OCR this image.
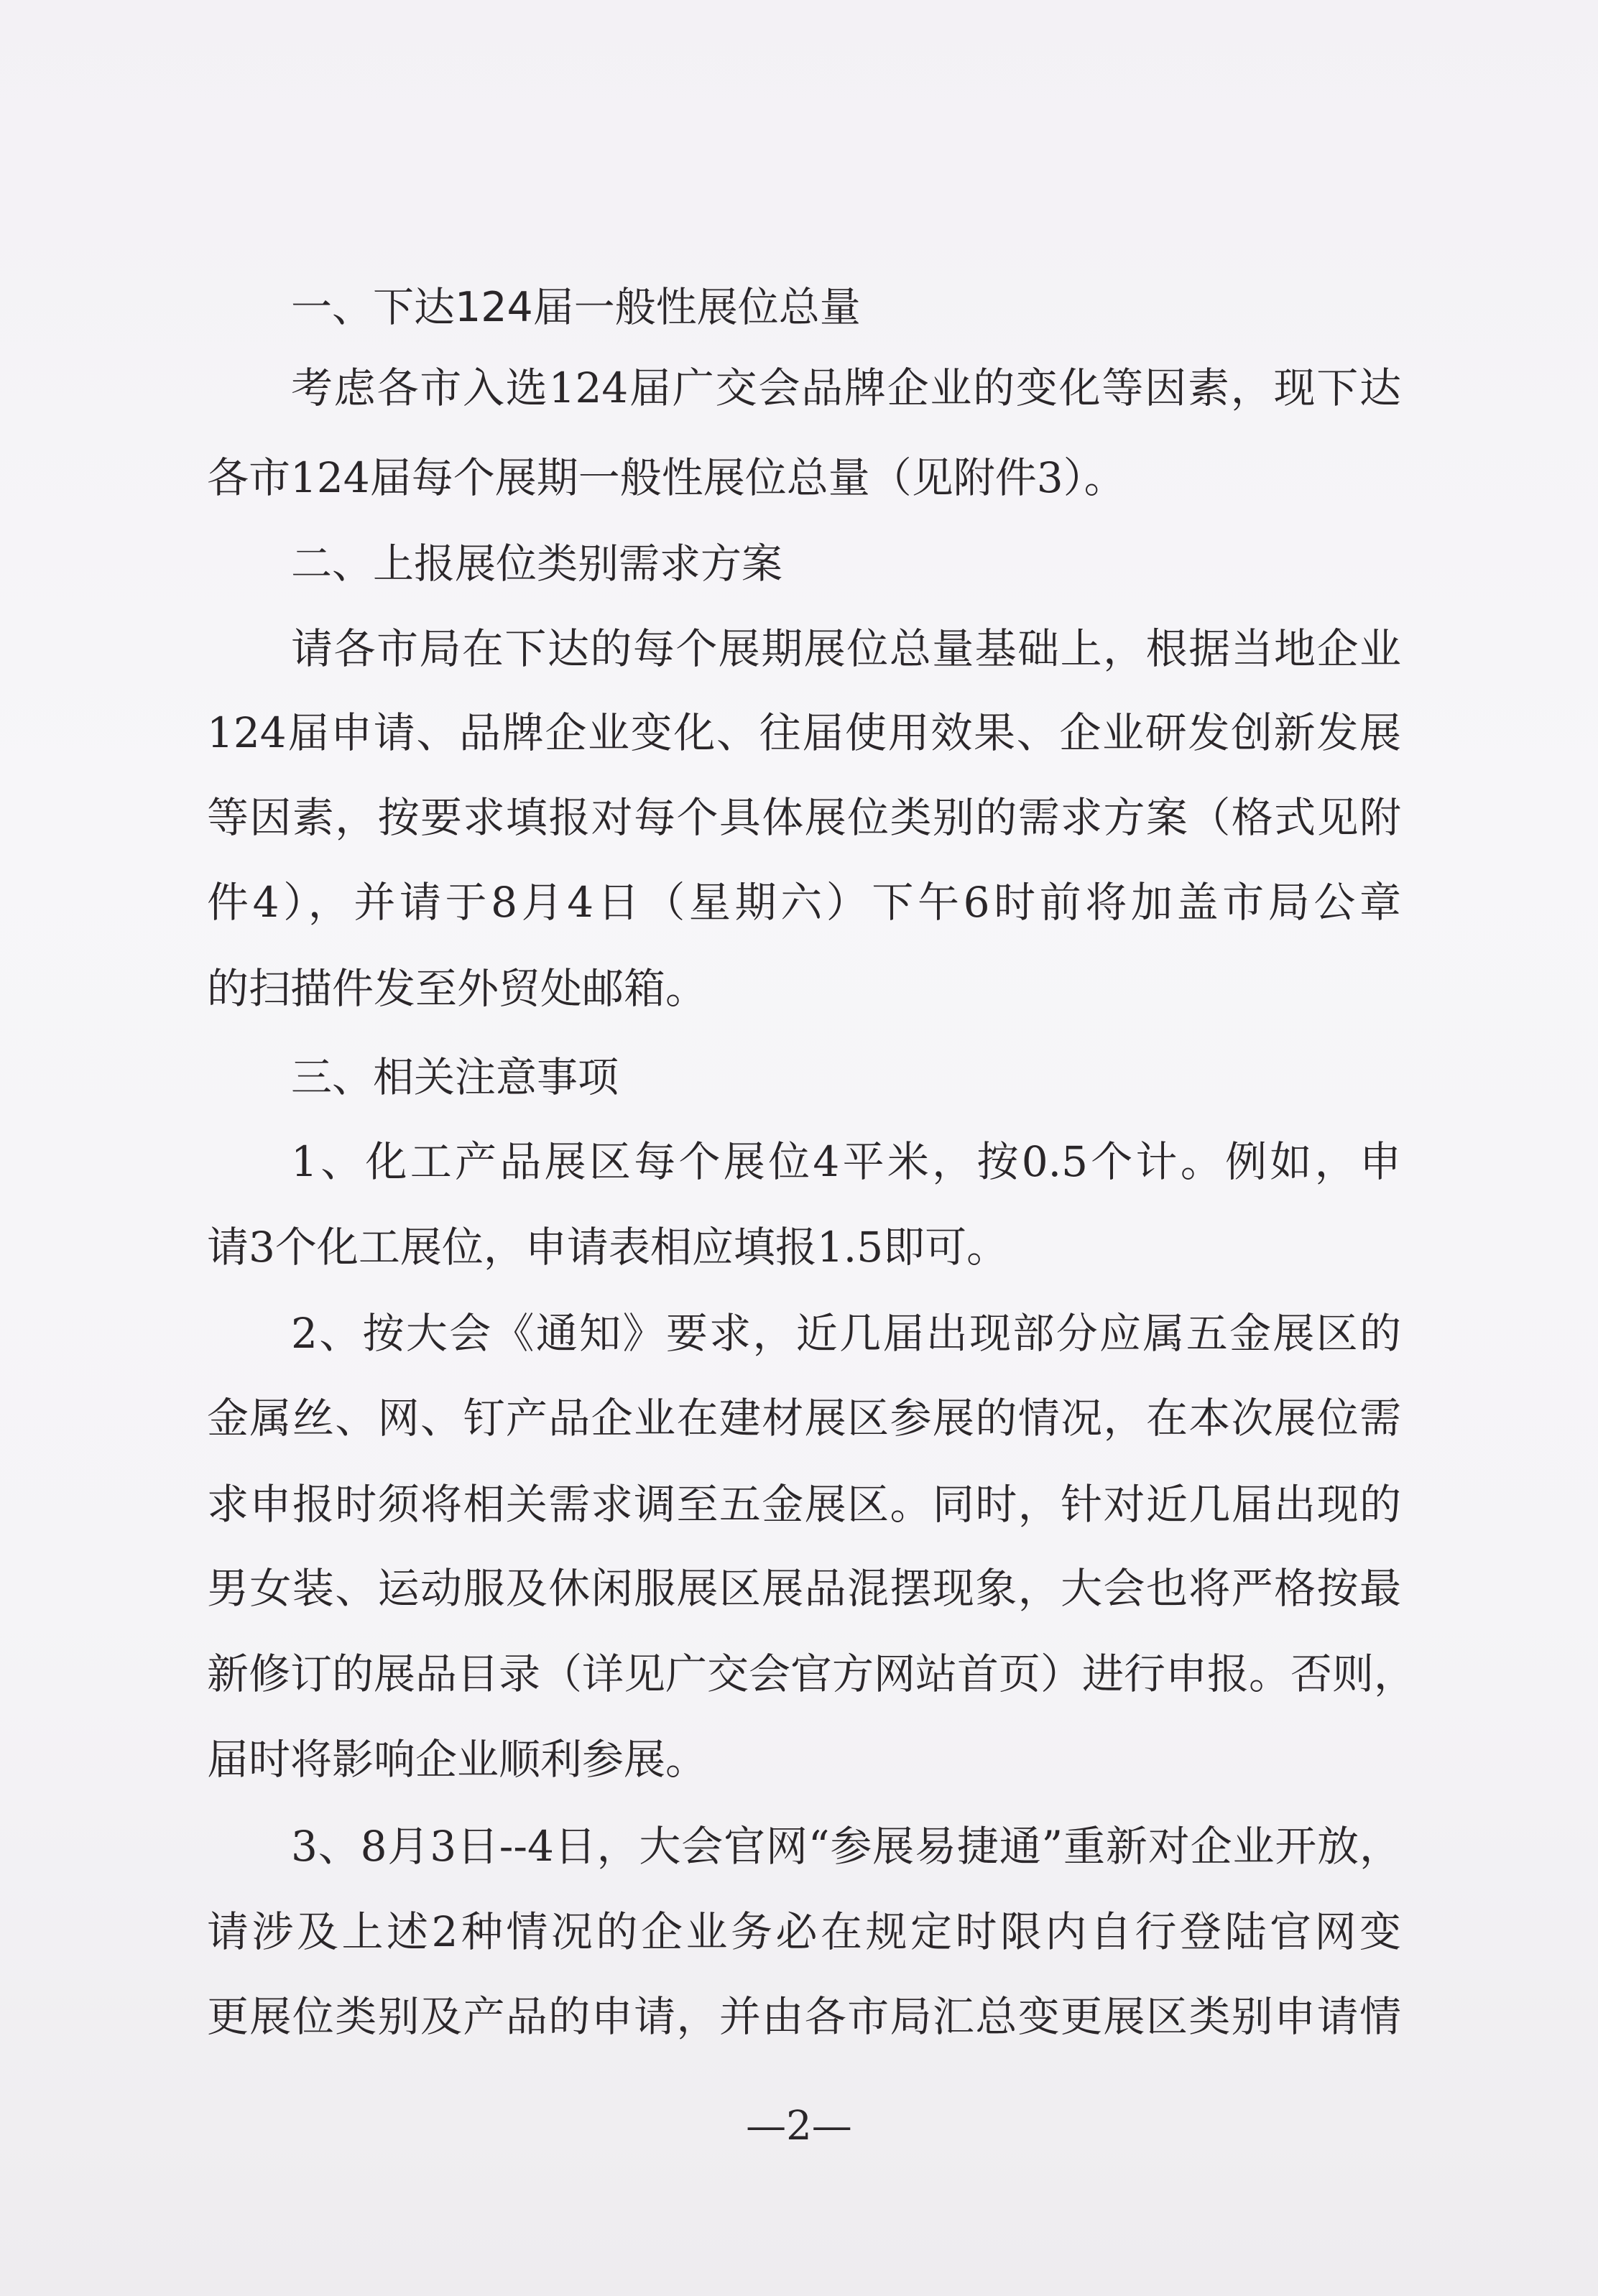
一、下达124届一般性展位总量
考虑各市入选124届广交会品牌企业的变化等因素，现下达
各市124届每个展期一般性展位总量（见附件3）。
二、上报展位类别需求方案
请各市局在下达的每个展期展位总量基础上，根据当地企业
124届申请、品牌企业变化、往届使用效果、企业研发创新发展
等因素，按要求填报对每个具体展位类别的需求方案（格式见附
件4），并请于8月4日（星期六）下午6时前将加盖市局公章
的扫描件发至外贸处邮箱。
三、相关注意事项
1、化工产品展区每个展位4平米，按0.5个计。例如，申
请3个化工展位，申请表相应填报1.5即可。
2、按大会《通知》要求，近几届出现部分应属五金展区的
金属丝、网、钉产品企业在建材展区参展的情况，在本次展位需
求申报时须将相关需求调至五金展区。同时，针对近几届出现的
男女装、运动服及休闲服展区展品混摆现象，大会也将严格按最
新修订的展品目录（详见广交会官方网站首页）进行申报。否则，
届时将影响企业顺利参展。
3、8月3日--4日，大会官网“参展易捷通”重新对企业开放，
请涉及上述2种情况的企业务必在规定时限内自行登陆官网变
更展位类别及产品的申请，并由各市局汇总变更展区类别申请情
—2—
